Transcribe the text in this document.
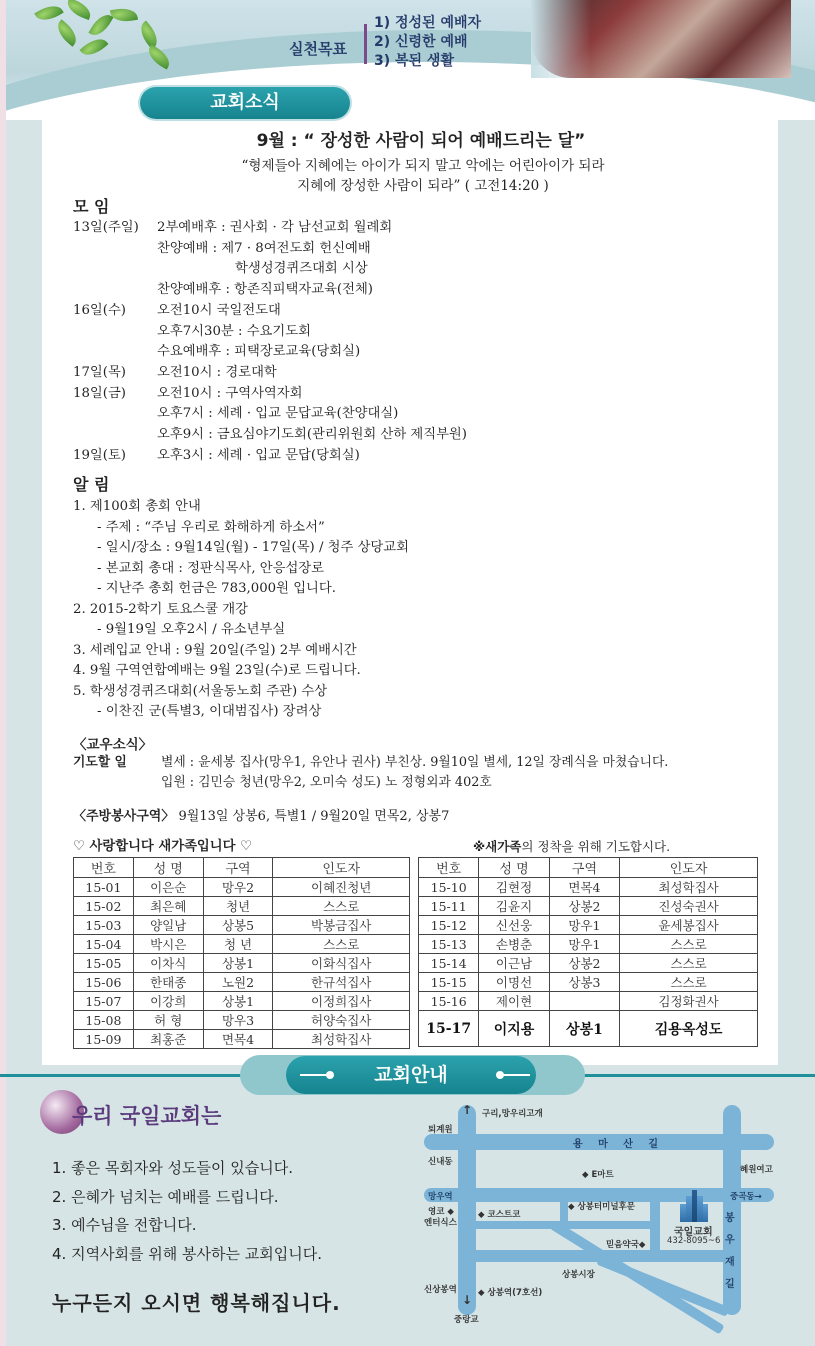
실천목표
1) 정성된 예배자
2) 신령한 예배
3) 복된 생활
교회소식
9월 : “ 장성한 사람이 되어 예배드리는 달”
“형제들아 지혜에는 아이가 되지 말고 악에는 어린아이가 되라
지혜에 장성한 사람이 되라” ( 고전14:20 )
모 임
13일(주일)	2부예배후 : 권사회 · 각 남선교회 월례회
찬양예배 : 제7 · 8여전도회 헌신예배
학생성경퀴즈대회 시상
찬양예배후 : 항존직피택자교육(전체)
16일(수)	오전10시 국일전도대
오후7시30분 : 수요기도회
수요예배후 : 피택장로교육(당회실)
17일(목)	오전10시 : 경로대학
18일(금)	오전10시 : 구역사역자회
오후7시 : 세례 · 입교 문답교육(찬양대실)
오후9시 : 금요심야기도회(관리위원회 산하 제직부원)
19일(토)	오후3시 : 세례 · 입교 문답(당회실)
알 림
1. 제100회 총회 안내
- 주제 : “주님 우리로 화해하게 하소서”
- 일시/장소 : 9월14일(월) - 17일(목) / 청주 상당교회
- 본교회 총대 : 정판식목사, 안응섭장로
- 지난주 총회 헌금은 783,000원 입니다.
2. 2015-2학기 토요스쿨 개강
- 9월19일 오후2시 / 유소년부실
3. 세례입교 안내 : 9월 20일(주일) 2부 예배시간
4. 9월 구역연합예배는 9월 23일(수)로 드립니다.
5. 학생성경퀴즈대회(서울동노회 주관) 수상
- 이찬진 군(특별3, 이대범집사) 장려상
〈교우소식〉
기도할 일	별세 : 윤세봉 집사(망우1, 유안나 권사) 부친상. 9월10일 별세, 12일 장례식을 마쳤습니다.
입원 : 김민승 청년(망우2, 오미숙 성도) 노 정형외과 402호
〈주방봉사구역〉 9월13일 상봉6, 특별1 / 9월20일 면목2, 상봉7
♡ 사랑합니다 새가족입니다 ♡	※새가족의 정착을 위해 기도합시다.
번호	성 명	구역	인도자
15-01	이은순	망우2	이혜진청년
15-02	최은혜	청년	스스로
15-03	양일남	상봉5	박봉금집사
15-04	박시은	청 년	스스로
15-05	이차식	상봉1	이화식집사
15-06	한태종	노원2	한규석집사
15-07	이강희	상봉1	이정희집사
15-08	허 형	망우3	허양숙집사
15-09	최홍준	면목4	최성학집사
번호	성 명	구역	인도자
15-10	김현정	면목4	최성학집사
15-11	김윤지	상봉2	진성숙권사
15-12	신선웅	망우1	윤세봉집사
15-13	손병춘	망우1	스스로
15-14	이근남	상봉2	스스로
15-15	이명선	상봉3	스스로
15-16	제이현		김정화권사
15-17	이지용	상봉1	김용옥성도
교회안내
우리 국일교회는
1. 좋은 목회자와 성도들이 있습니다.
2. 은혜가 넘치는 예배를 드립니다.
3. 예수님을 전합니다.
4. 지역사회를 위해 봉사하는 교회입니다.
누구든지 오시면 행복해집니다.
용 마 산 길
봉
우
재
길
↑ 구리,망우리고개
퇴계원
신내동
◆ E마트	혜원여고
망우역	중곡동→
영코 ◆
엔터식스
◆ 코스트코
◆ 상봉터미널후문
믿음약국◆
국일교회
432-8095~6
상봉시장
신상봉역 ◆ 상봉역(7호선)
↓
중랑교
